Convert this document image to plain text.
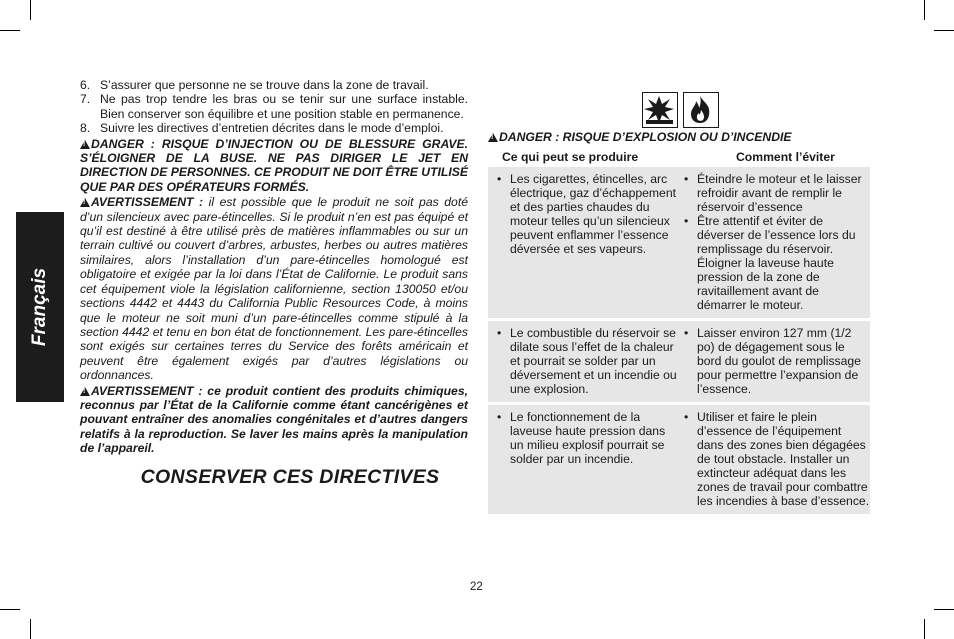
Français
6. S’assurer que personne ne se trouve dans la zone de travail.
7. Ne pas trop tendre les bras ou se tenir sur une surface instable. Bien conserver son équilibre et une position stable en permanence.
8. Suivre les directives d’entretien décrites dans le mode d’emploi.

!DANGER : RISQUE D’INJECTION OU DE BLESSURE GRAVE. S’ÉLOIGNER DE LA BUSE. NE PAS DIRIGER LE JET EN DIRECTION DE PERSONNES. CE PRODUIT NE DOIT ÊTRE UTILISÉ QUE PAR DES OPÉRATEURS FORMÉS.

!AVERTISSEMENT : il est possible que le produit ne soit pas doté d’un silencieux avec pare-étincelles. Si le produit n’en est pas équipé et qu’il est destiné à être utilisé près de matières inflammables ou sur un terrain cultivé ou couvert d’arbres, arbustes, herbes ou autres matières similaires, alors l’installation d’un pare-étincelles homologué est obligatoire et exigée par la loi dans l’État de Californie. Le produit sans cet équipement viole la législation californienne, section 130050 et/ou sections 4442 et 4443 du California Public Resources Code, à moins que le moteur ne soit muni d’un pare-étincelles comme stipulé à la section 4442 et tenu en bon état de fonctionnement. Les pare-étincelles sont exigés sur certaines terres du Service des forêts américain et peuvent être également exigés par d’autres législations ou ordonnances.

!AVERTISSEMENT : ce produit contient des produits chimiques, reconnus par l’État de la Californie comme étant cancérigènes et pouvant entraîner des anomalies congénitales et d’autres dangers relatifs à la reproduction. Se laver les mains après la manipulation de l’appareil.

CONSERVER CES DIRECTIVES
!DANGER : RISQUE D’EXPLOSION OU D’INCENDIE
Ce qui peut se produire	Comment l’éviter
• Les cigarettes, étincelles, arc électrique, gaz d’échappement et des parties chaudes du moteur telles qu’un silencieux peuvent enflammer l’essence déversée et ses vapeurs.
• Éteindre le moteur et le laisser refroidir avant de remplir le réservoir d’essence
• Être attentif et éviter de déverser de l’essence lors du remplissage du réservoir. Éloigner la laveuse haute pression de la zone de ravitaillement avant de démarrer le moteur.
• Le combustible du réservoir se dilate sous l’effet de la chaleur et pourrait se solder par un déversement et un incendie ou une explosion.
• Laisser environ 127 mm (1/2 po) de dégagement sous le bord du goulot de remplissage pour permettre l’expansion de l’essence.
• Le fonctionnement de la laveuse haute pression dans un milieu explosif pourrait se solder par un incendie.
• Utiliser et faire le plein d’essence de l’équipement dans des zones bien dégagées de tout obstacle. Installer un extincteur adéquat dans les zones de travail pour combattre les incendies à base d’essence.
22
